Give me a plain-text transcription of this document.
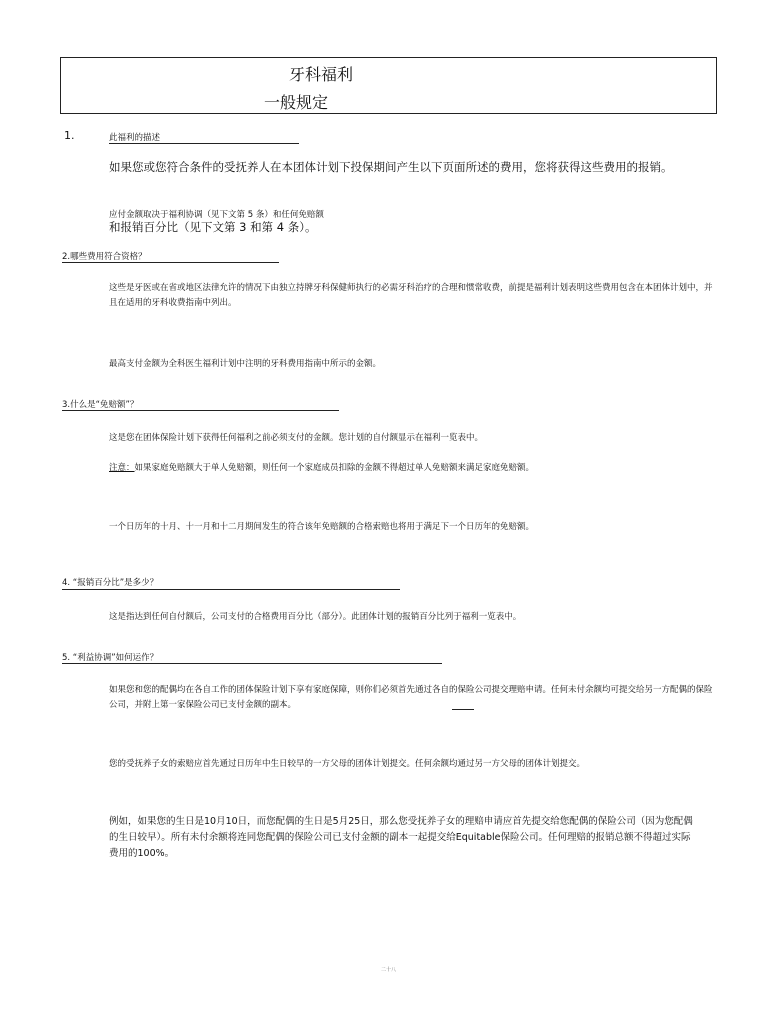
牙科福利
一般规定
1.	此福利的描述
如果您或您符合条件的受抚养人在本团体计划下投保期间产生以下页面所述的费用，您将获得这些费用的报销。
应付金额取决于福利协调（见下文第 5 条）和任何免赔额
和报销百分比（见下文第 3 和第 4 条）。
2.哪些费用符合资格？
这些是牙医或在省或地区法律允许的情况下由独立持牌牙科保健师执行的必需牙科治疗的合理和惯常收费，前提是福利计划表明这些费用包含在本团体计划中，并且在适用的牙科收费指南中列出。
最高支付金额为全科医生福利计划中注明的牙科费用指南中所示的金额。
3.什么是“免赔额”？
这是您在团体保险计划下获得任何福利之前必须支付的金额。您计划的自付额显示在福利一览表中。
注意：如果家庭免赔额大于单人免赔额，则任何一个家庭成员扣除的金额不得超过单人免赔额来满足家庭免赔额。
一个日历年的十月、十一月和十二月期间发生的符合该年免赔额的合格索赔也将用于满足下一个日历年的免赔额。
4. “报销百分比”是多少？
这是指达到任何自付额后，公司支付的合格费用百分比（部分）。此团体计划的报销百分比列于福利一览表中。
5. “利益协调”如何运作？
如果您和您的配偶均在各自工作的团体保险计划下享有家庭保障，则你们必须首先通过各自的保险公司提交理赔申请。任何未付余额均可提交给另一方配偶的保险公司，并附上第一家保险公司已支付金额的副本。
您的受抚养子女的索赔应首先通过日历年中生日较早的一方父母的团体计划提交。任何余额均通过另一方父母的团体计划提交。
例如，如果您的生日是10月10日，而您配偶的生日是5月25日，那么您受抚养子女的理赔申请应首先提交给您配偶的保险公司（因为您配偶的生日较早）。所有未付余额将连同您配偶的保险公司已支付金额的副本一起提交给Equitable保险公司。任何理赔的报销总额不得超过实际费用的100%。
二十八
